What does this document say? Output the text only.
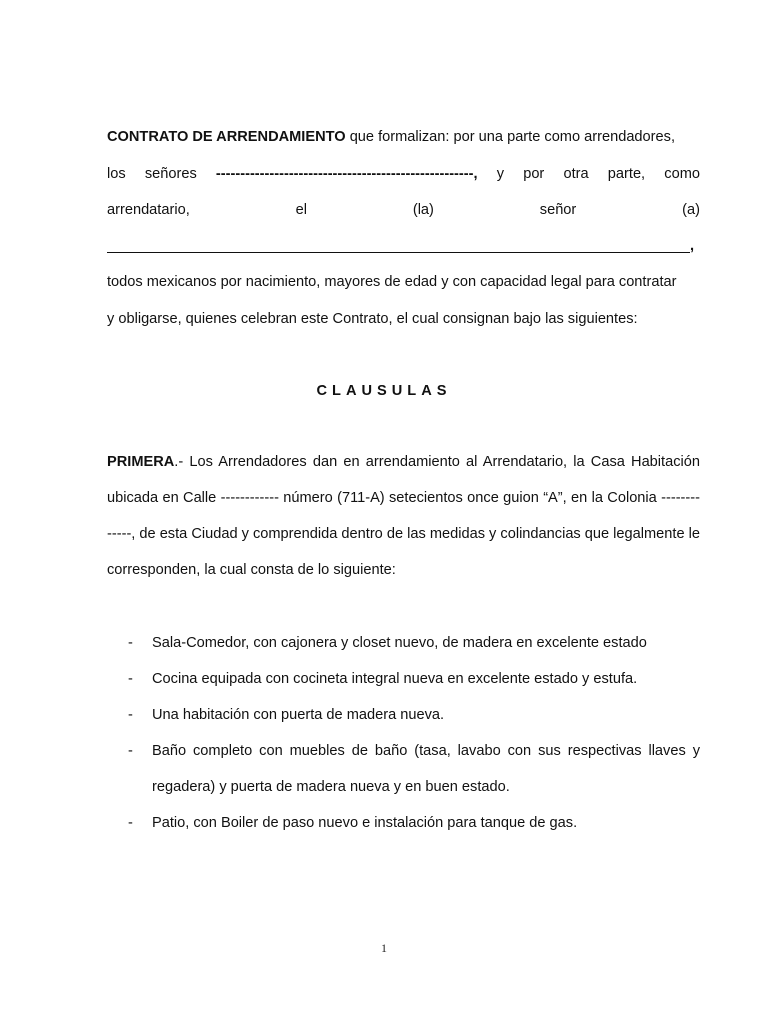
CONTRATO DE ARRENDAMIENTO que formalizan: por una parte como arrendadores,

los señores -----------------------------------------------------, y por otra parte, como
arrendatario,	el	(la)	señor	(a)
,

todos mexicanos por nacimiento, mayores de edad y con capacidad legal para contratar

y obligarse, quienes celebran este Contrato, el cual consignan bajo las siguientes:

CLAUSULAS

PRIMERA.- Los Arrendadores dan en arrendamiento al Arrendatario, la Casa Habitación ubicada en Calle ------------ número (711-A) setecientos once guion “A”, en la Colonia -------------, de esta Ciudad y comprendida dentro de las medidas y colindancias que legalmente le corresponden, la cual consta de lo siguiente:

- Sala-Comedor, con cajonera y closet nuevo, de madera en excelente estado
- Cocina equipada con cocineta integral nueva en excelente estado y estufa.
- Una habitación con puerta de madera nueva.
- Baño completo con muebles de baño (tasa, lavabo con sus respectivas llaves y regadera) y puerta de madera nueva y en buen estado.
- Patio, con Boiler de paso nuevo e instalación para tanque de gas.
1
